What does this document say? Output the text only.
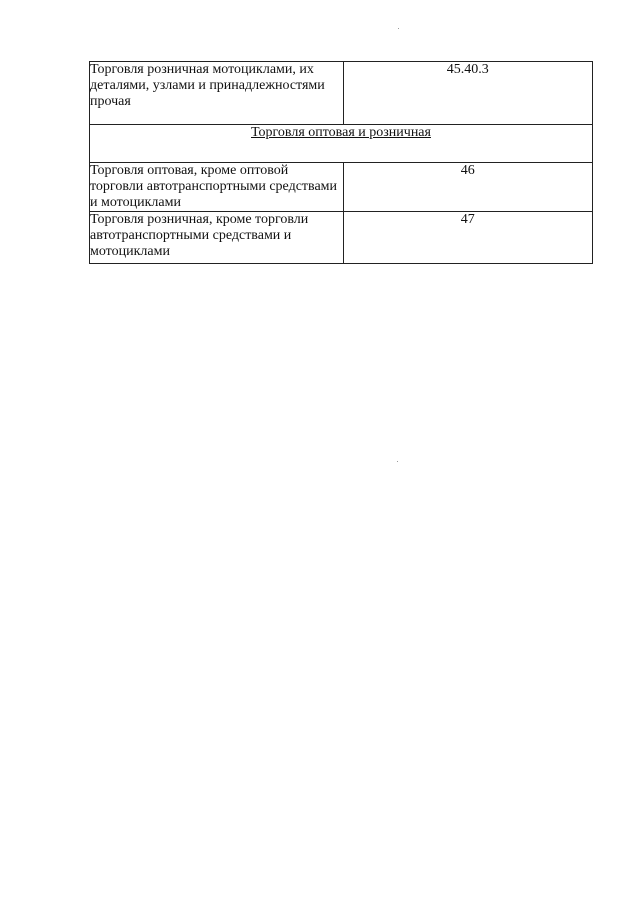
Торговля розничная мотоциклами, их деталями, узлами и принадлежностями прочая	45.40.3
Торговля оптовая и розничная	
Торговля оптовая, кроме оптовой торговли автотранспортными средствами и мотоциклами	46
Торговля розничная, кроме торговли автотранспортными средствами и мотоциклами	47
